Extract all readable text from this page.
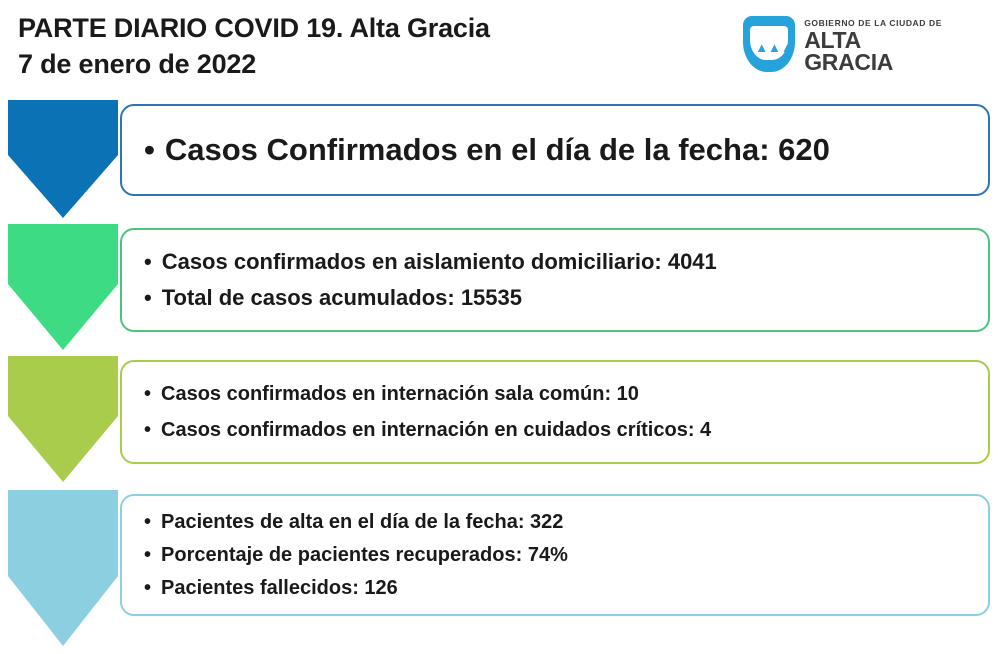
PARTE DIARIO COVID 19. Alta Gracia
7 de enero de 2022
▲▲▲
GOBIERNO DE LA CIUDAD DE
ALTA
GRACIA
• Casos Confirmados en el día de la fecha: 620
• Casos confirmados en aislamiento domiciliario: 4041
• Total de casos acumulados: 15535
• Casos confirmados en internación sala común: 10
• Casos confirmados en internación en cuidados críticos: 4
• Pacientes de alta en el día de la fecha: 322
• Porcentaje de pacientes recuperados: 74%
• Pacientes fallecidos: 126
